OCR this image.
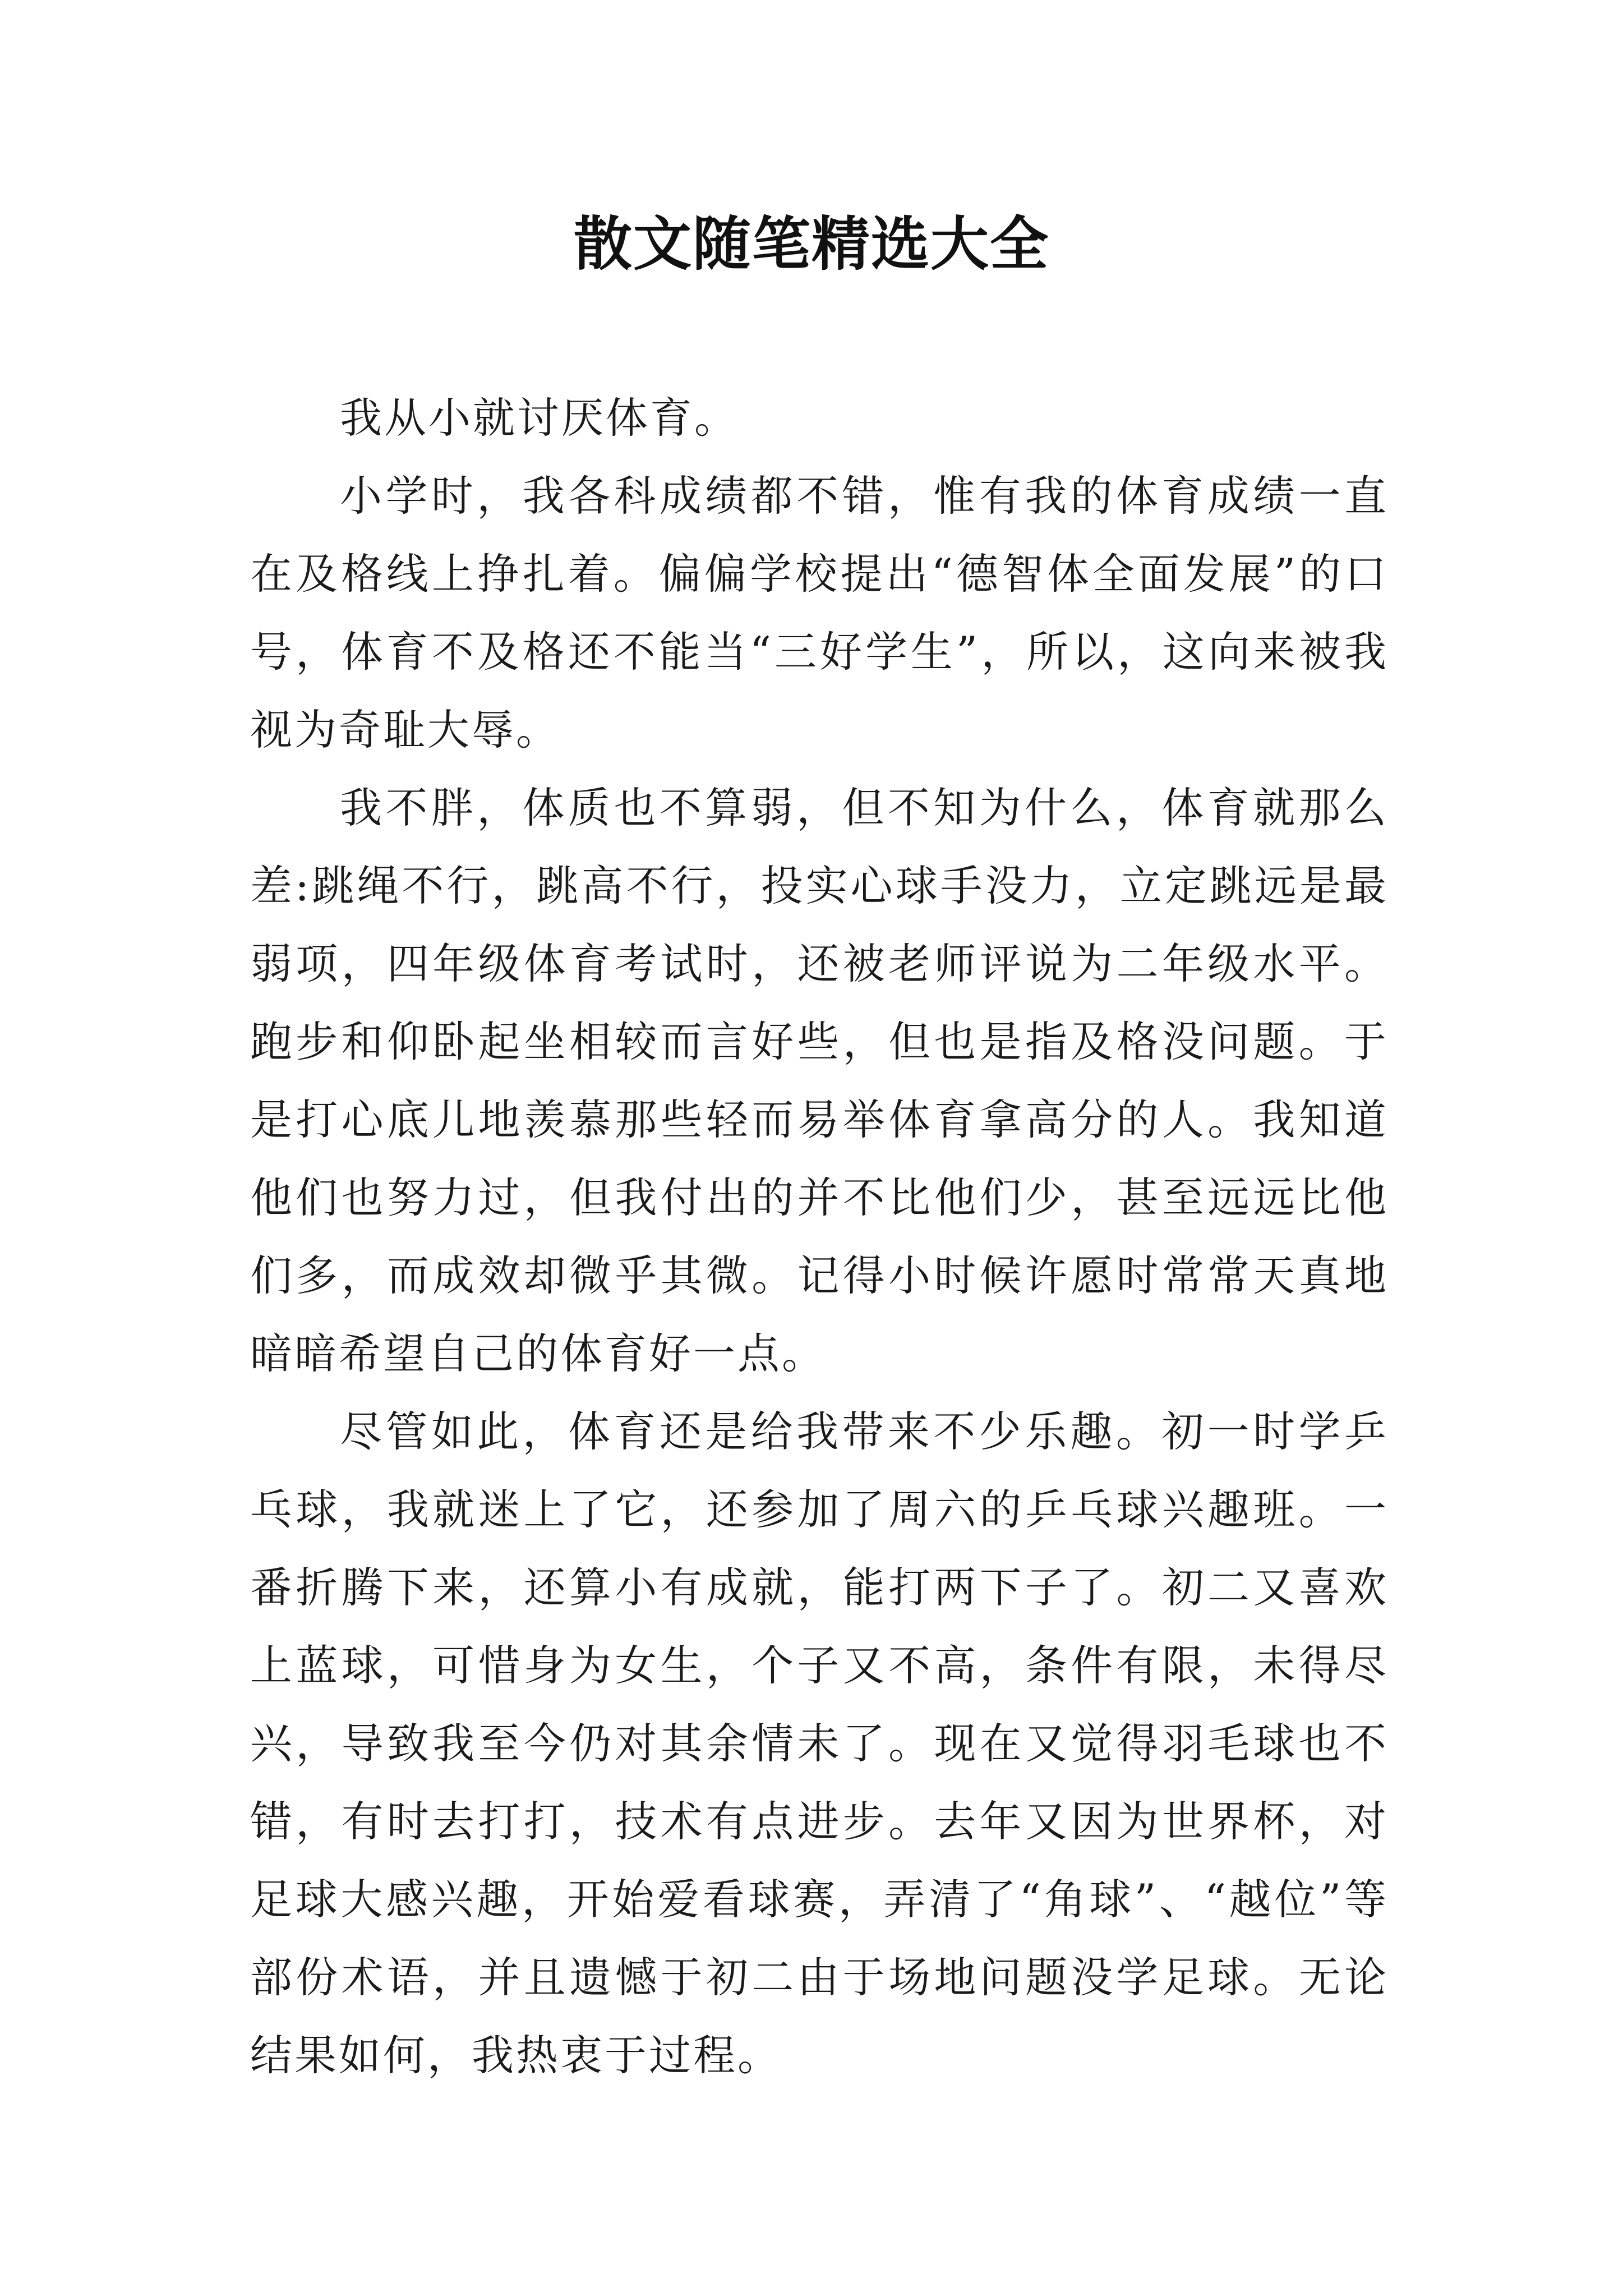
散文随笔精选大全

我从小就讨厌体育。

小学时，我各科成绩都不错，惟有我的体育成绩一直在及格线上挣扎着。偏偏学校提出“德智体全面发展”的口号，体育不及格还不能当“三好学生”，所以，这向来被我视为奇耻大辱。

我不胖，体质也不算弱，但不知为什么，体育就那么差:跳绳不行，跳高不行，投实心球手没力，立定跳远是最弱项，四年级体育考试时，还被老师评说为二年级水平。跑步和仰卧起坐相较而言好些，但也是指及格没问题。于是打心底儿地羡慕那些轻而易举体育拿高分的人。我知道他们也努力过，但我付出的并不比他们少，甚至远远比他们多，而成效却微乎其微。记得小时候许愿时常常天真地暗暗希望自己的体育好一点。

尽管如此，体育还是给我带来不少乐趣。初一时学乒乓球，我就迷上了它，还参加了周六的乒乓球兴趣班。一番折腾下来，还算小有成就，能打两下子了。初二又喜欢上蓝球，可惜身为女生，个子又不高，条件有限，未得尽兴，导致我至今仍对其余情未了。现在又觉得羽毛球也不错，有时去打打，技术有点进步。去年又因为世界杯，对足球大感兴趣，开始爱看球赛，弄清了“角球”、“越位”等部份术语，并且遗憾于初二由于场地问题没学足球。无论结果如何，我热衷于过程。
